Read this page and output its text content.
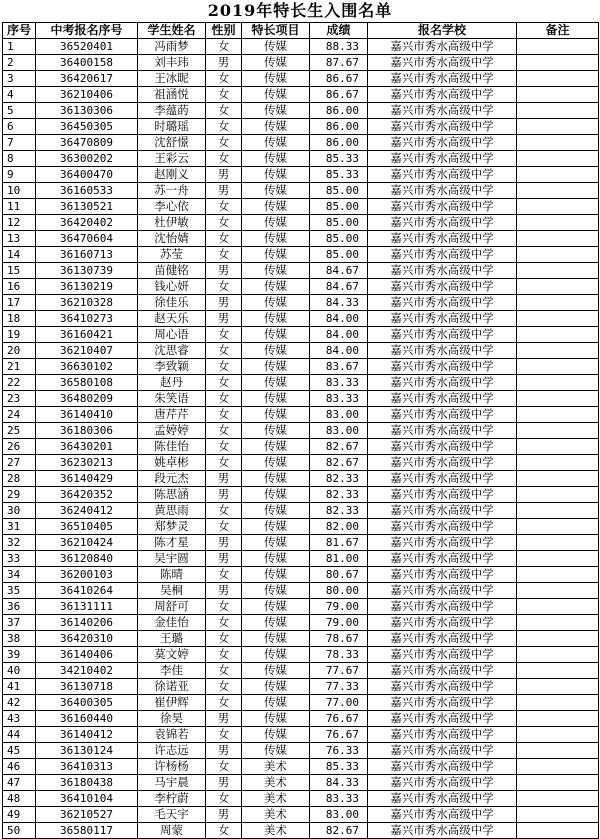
2019年特长生入围名单
序号	中考报名序号	学生姓名	性别	特长项目	成绩	报名学校	备注
1	36520401	冯雨梦	女	传媒	88.33	嘉兴市秀水高级中学	
2	36400158	刘丰玮	男	传媒	87.67	嘉兴市秀水高级中学	
3	36420617	王冰昵	女	传媒	86.67	嘉兴市秀水高级中学	
4	36210406	祖涵悦	女	传媒	86.67	嘉兴市秀水高级中学	
5	36130306	李蕴菂	女	传媒	86.00	嘉兴市秀水高级中学	
6	36450305	时璐瑶	女	传媒	86.00	嘉兴市秀水高级中学	
7	36470809	沈舒憬	女	传媒	86.00	嘉兴市秀水高级中学	
8	36300202	王彩云	女	传媒	85.33	嘉兴市秀水高级中学	
9	36400470	赵刚义	男	传媒	85.33	嘉兴市秀水高级中学	
10	36160533	苏一舟	男	传媒	85.00	嘉兴市秀水高级中学	
11	36130521	李心依	女	传媒	85.00	嘉兴市秀水高级中学	
12	36420402	杜伊敏	女	传媒	85.00	嘉兴市秀水高级中学	
13	36470604	沈怡婧	女	传媒	85.00	嘉兴市秀水高级中学	
14	36160713	苏莹	女	传媒	85.00	嘉兴市秀水高级中学	
15	36130739	苗健铭	男	传媒	84.67	嘉兴市秀水高级中学	
16	36130219	钱心妍	女	传媒	84.67	嘉兴市秀水高级中学	
17	36210328	徐佳乐	男	传媒	84.33	嘉兴市秀水高级中学	
18	36410273	赵天乐	男	传媒	84.00	嘉兴市秀水高级中学	
19	36160421	周心语	女	传媒	84.00	嘉兴市秀水高级中学	
20	36210407	沈思睿	女	传媒	84.00	嘉兴市秀水高级中学	
21	36630102	李致颖	女	传媒	83.67	嘉兴市秀水高级中学	
22	36580108	赵丹	女	传媒	83.33	嘉兴市秀水高级中学	
23	36480209	朱笑语	女	传媒	83.33	嘉兴市秀水高级中学	
24	36140410	唐芹芹	女	传媒	83.00	嘉兴市秀水高级中学	
25	36180306	孟婷婷	女	传媒	83.00	嘉兴市秀水高级中学	
26	36430201	陈佳怡	女	传媒	82.67	嘉兴市秀水高级中学	
27	36230213	姚卓彬	女	传媒	82.67	嘉兴市秀水高级中学	
28	36140429	段元杰	男	传媒	82.33	嘉兴市秀水高级中学	
29	36420352	陈思涵	男	传媒	82.33	嘉兴市秀水高级中学	
30	36240412	黄思雨	女	传媒	82.33	嘉兴市秀水高级中学	
31	36510405	郑梦灵	女	传媒	82.00	嘉兴市秀水高级中学	
32	36210424	陈才星	男	传媒	81.67	嘉兴市秀水高级中学	
33	36120840	吴宇圆	男	传媒	81.00	嘉兴市秀水高级中学	
34	36200103	陈晴	女	传媒	80.67	嘉兴市秀水高级中学	
35	36410264	吴桐	男	传媒	80.00	嘉兴市秀水高级中学	
36	36131111	周舒可	女	传媒	79.00	嘉兴市秀水高级中学	
37	36140206	金佳怡	女	传媒	79.00	嘉兴市秀水高级中学	
38	36420310	王璐	女	传媒	78.67	嘉兴市秀水高级中学	
39	36140406	莫文婷	女	传媒	78.33	嘉兴市秀水高级中学	
40	34210402	李佳	女	传媒	77.67	嘉兴市秀水高级中学	
41	36130718	徐诺亚	女	传媒	77.33	嘉兴市秀水高级中学	
42	36400305	崔伊辉	女	传媒	77.00	嘉兴市秀水高级中学	
43	36160440	徐昊	男	传媒	76.67	嘉兴市秀水高级中学	
44	36140412	袁锦若	女	传媒	76.67	嘉兴市秀水高级中学	
45	36130124	许志远	男	传媒	76.33	嘉兴市秀水高级中学	
46	36410313	许杨杨	女	美术	85.33	嘉兴市秀水高级中学	
47	36180438	马宇晨	男	美术	84.33	嘉兴市秀水高级中学	
48	36410104	李柠蔚	女	美术	83.33	嘉兴市秀水高级中学	
49	36210527	毛天宇	男	美术	83.00	嘉兴市秀水高级中学	
50	36580117	周蒙	女	美术	82.67	嘉兴市秀水高级中学	
